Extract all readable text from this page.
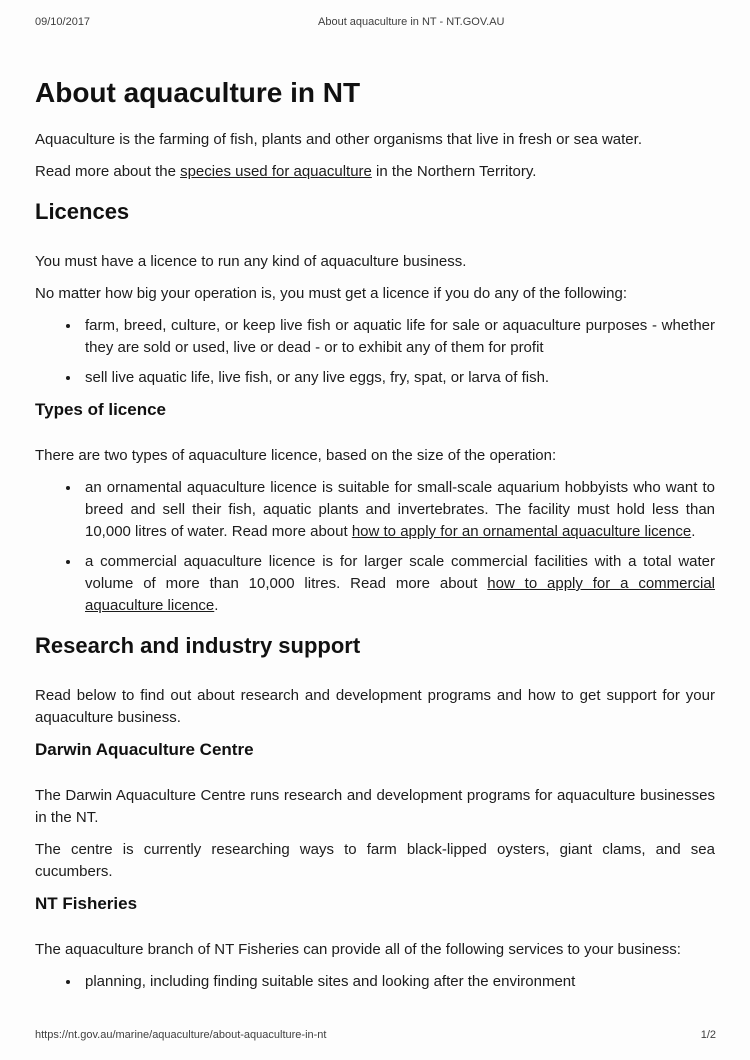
09/10/2017	About aquaculture in NT - NT.GOV.AU
About aquaculture in NT

Aquaculture is the farming of fish, plants and other organisms that live in fresh or sea water.

Read more about the species used for aquaculture in the Northern Territory.

Licences

You must have a licence to run any kind of aquaculture business.

No matter how big your operation is, you must get a licence if you do any of the following:

• farm, breed, culture, or keep live fish or aquatic life for sale or aquaculture purposes - whether they are sold or used, live or dead - or to exhibit any of them for profit
• sell live aquatic life, live fish, or any live eggs, fry, spat, or larva of fish.
Types of licence

There are two types of aquaculture licence, based on the size of the operation:

• an ornamental aquaculture licence is suitable for small-scale aquarium hobbyists who want to breed and sell their fish, aquatic plants and invertebrates. The facility must hold less than 10,000 litres of water. Read more about how to apply for an ornamental aquaculture licence.
• a commercial aquaculture licence is for larger scale commercial facilities with a total water volume of more than 10,000 litres. Read more about how to apply for a commercial aquaculture licence.
Research and industry support

Read below to find out about research and development programs and how to get support for your aquaculture business.

Darwin Aquaculture Centre

The Darwin Aquaculture Centre runs research and development programs for aquaculture businesses in the NT.

The centre is currently researching ways to farm black-lipped oysters, giant clams, and sea cucumbers.

NT Fisheries

The aquaculture branch of NT Fisheries can provide all of the following services to your business:

• planning, including finding suitable sites and looking after the environment
https://nt.gov.au/marine/aquaculture/about-aquaculture-in-nt	1/2
